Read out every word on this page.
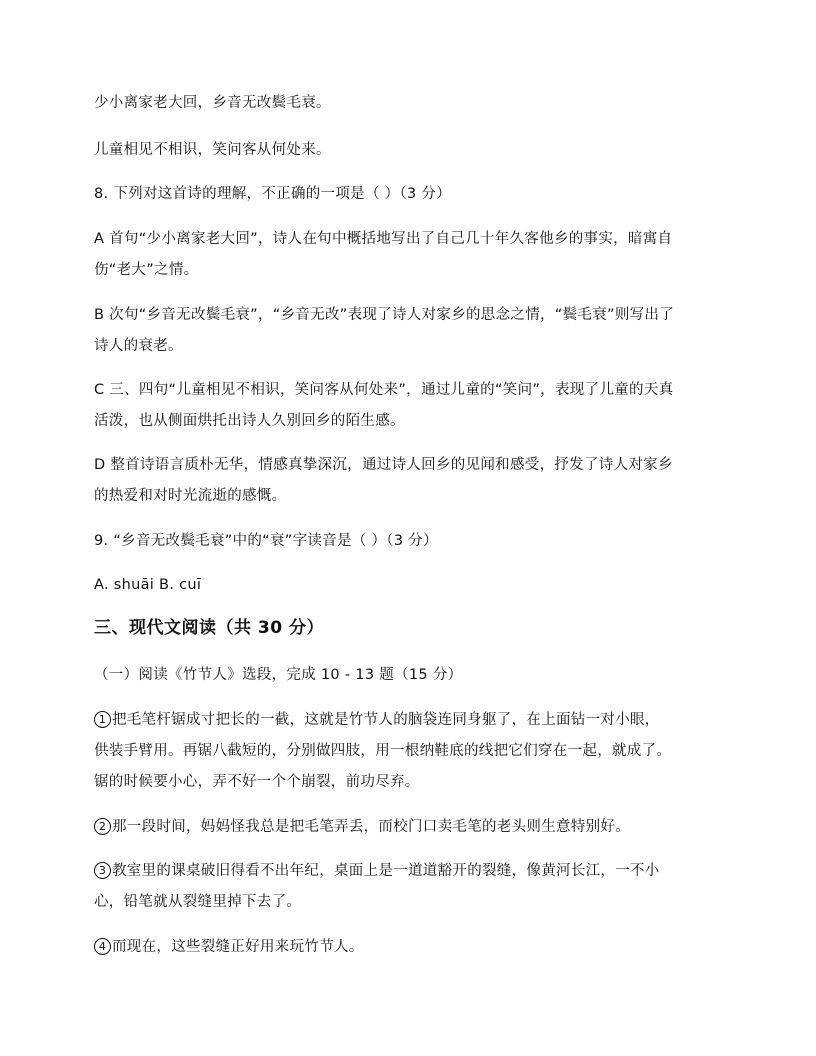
少小离家老大回，乡音无改鬓毛衰。
儿童相见不相识，笑问客从何处来。
8. 下列对这首诗的理解，不正确的一项是（ ）（3 分）
A 首句“少小离家老大回”，诗人在句中概括地写出了自己几十年久客他乡的事实，暗寓自
伤“老大”之情。
B 次句“乡音无改鬓毛衰”，“乡音无改”表现了诗人对家乡的思念之情，“鬓毛衰”则写出了
诗人的衰老。
C 三、四句“儿童相见不相识，笑问客从何处来”，通过儿童的“笑问”，表现了儿童的天真
活泼，也从侧面烘托出诗人久别回乡的陌生感。
D 整首诗语言质朴无华，情感真挚深沉，通过诗人回乡的见闻和感受，抒发了诗人对家乡
的热爱和对时光流逝的感慨。
9. “乡音无改鬓毛衰”中的“衰”字读音是（ ）（3 分）
A. shuāi B. cuī
三、现代文阅读（共 30 分）
（一）阅读《竹节人》选段，完成 10 - 13 题（15 分）
1 把毛笔杆锯成寸把长的一截，这就是竹节人的脑袋连同身躯了，在上面钻一对小眼，
供装手臂用。再锯八截短的，分别做四肢，用一根纳鞋底的线把它们穿在一起，就成了。
锯的时候要小心，弄不好一个个崩裂，前功尽弃。
2 那一段时间，妈妈怪我总是把毛笔弄丢，而校门口卖毛笔的老头则生意特别好。
3 教室里的课桌破旧得看不出年纪，桌面上是一道道豁开的裂缝，像黄河长江，一不小
心，铅笔就从裂缝里掉下去了。
4 而现在，这些裂缝正好用来玩竹节人。
